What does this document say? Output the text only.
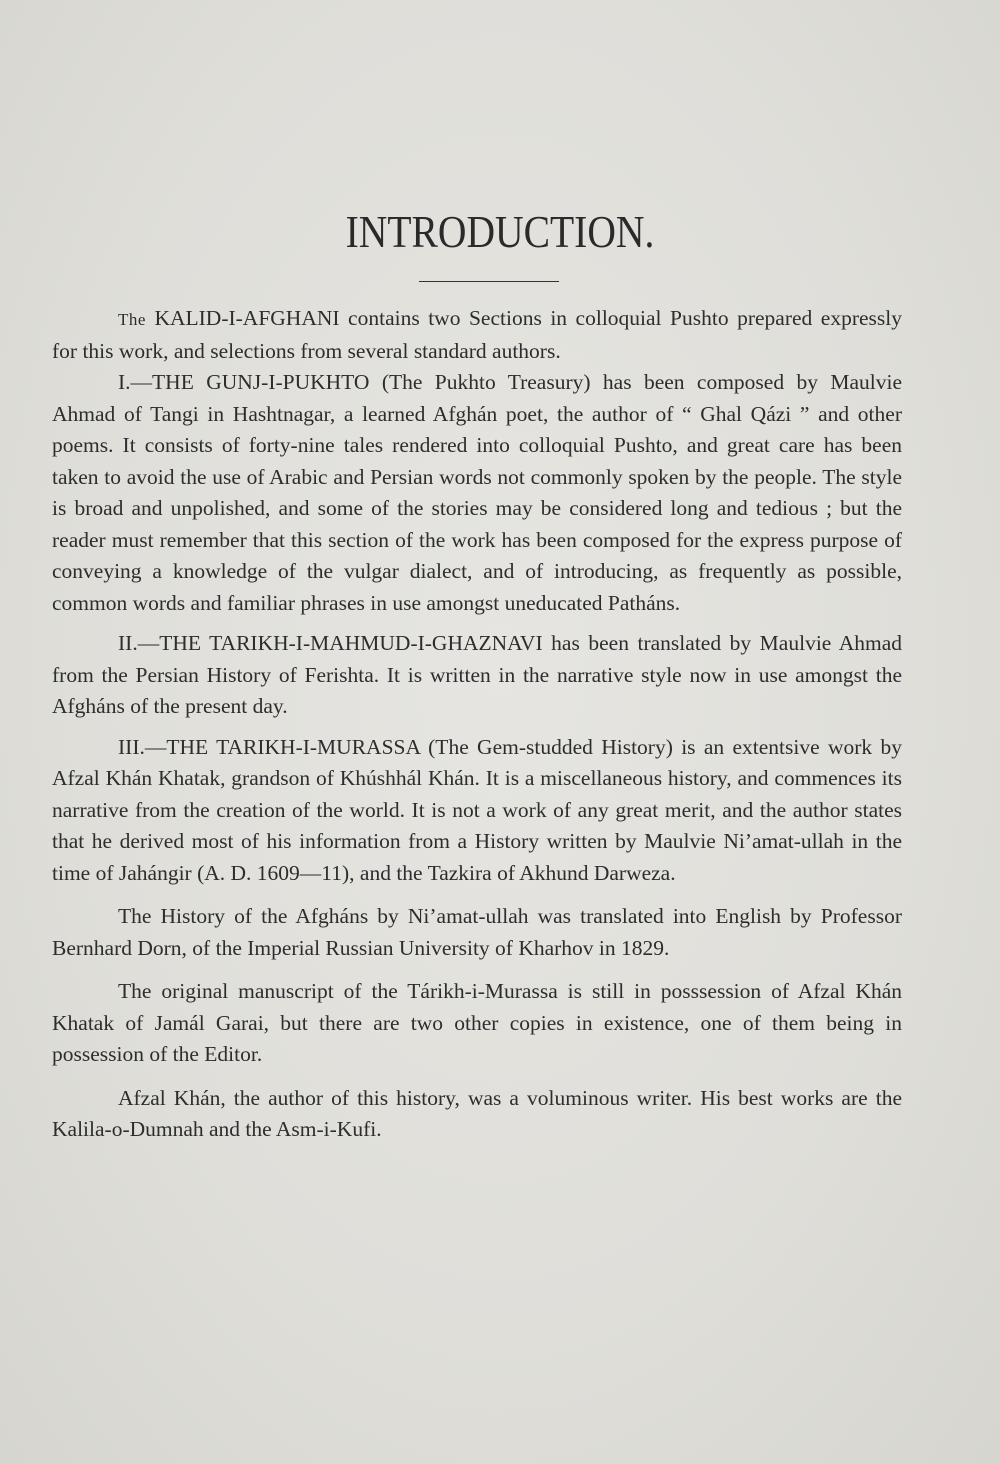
INTRODUCTION.

The KALID-I-AFGHANI contains two Sections in colloquial Pushto prepared expressly for this work, and selections from several standard authors.

I.—THE GUNJ-I-PUKHTO (The Pukhto Treasury) has been composed by Maulvie Ahmad of Tangi in Hashtnagar, a learned Afghán poet, the author of “ Ghal Qázi ” and other poems. It consists of forty-nine tales rendered into colloquial Pushto, and great care has been taken to avoid the use of Arabic and Persian words not commonly spoken by the people. The style is broad and unpolished, and some of the stories may be considered long and tedious ; but the reader must remember that this section of the work has been composed for the express purpose of conveying a knowledge of the vulgar dialect, and of introducing, as frequently as possible, common words and familiar phrases in use amongst uneducated Patháns.

II.—THE TARIKH-I-MAHMUD-I-GHAZNAVI has been translated by Maulvie Ahmad from the Persian History of Ferishta. It is written in the narrative style now in use amongst the Afgháns of the present day.

III.—THE TARIKH-I-MURASSA (The Gem-studded History) is an extentsive work by Afzal Khán Khatak, grandson of Khúshhál Khán. It is a miscellaneous history, and commences its narrative from the creation of the world. It is not a work of any great merit, and the author states that he derived most of his information from a History written by Maulvie Ni’amat-ullah in the time of Jahángir (A. D. 1609—11), and the Tazkira of Akhund Darweza.

The History of the Afgháns by Ni’amat-ullah was translated into English by Professor Bernhard Dorn, of the Imperial Russian University of Kharhov in 1829.

The original manuscript of the Tárikh-i-Murassa is still in posssession of Afzal Khán Khatak of Jamál Garai, but there are two other copies in existence, one of them being in possession of the Editor.

Afzal Khán, the author of this history, was a voluminous writer. His best works are the Kalila-o-Dumnah and the Asm-i-Kufi.
